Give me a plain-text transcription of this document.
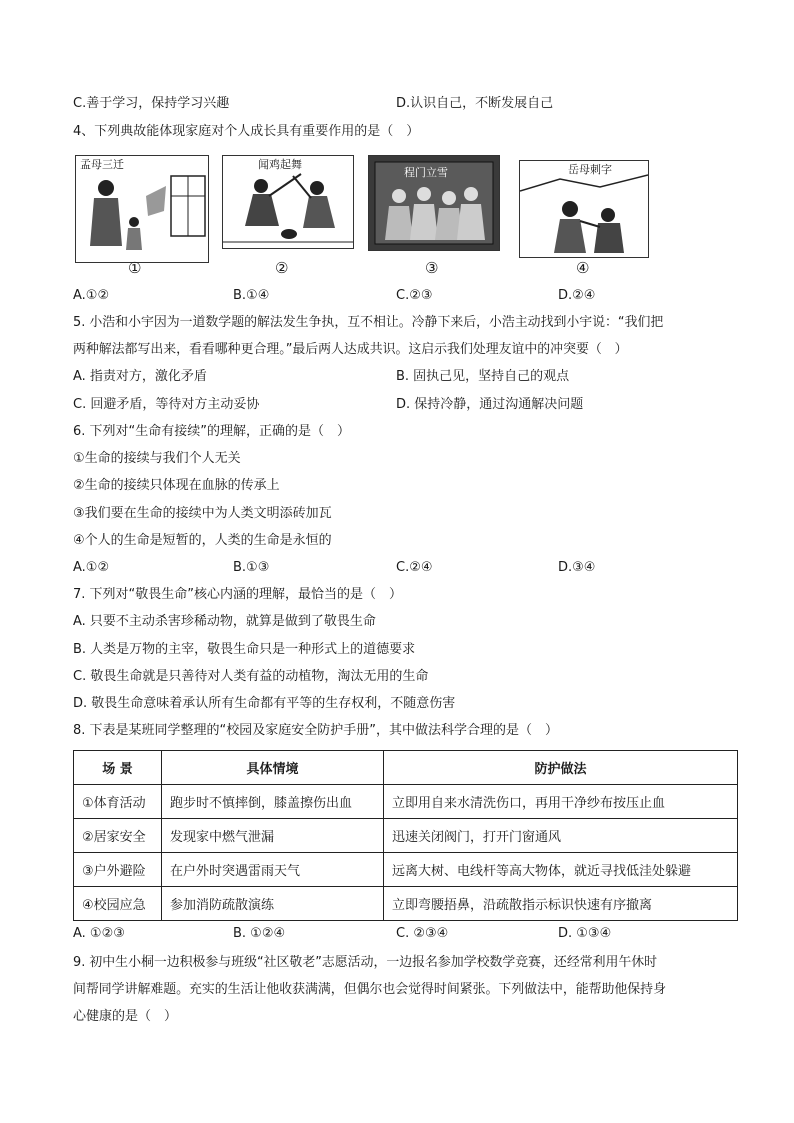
C.善于学习，保持学习兴趣	D.认识自己，不断发展自己
4、下列典故能体现家庭对个人成长具有重要作用的是（　）
孟母三迁
①
闻鸡起舞
②
程门立雪
③
岳母刺字
④
A.①②	B.①④	C.②③	D.②④
5. 小浩和小宇因为一道数学题的解法发生争执，互不相让。冷静下来后，小浩主动找到小宇说：“我们把
两种解法都写出来，看看哪种更合理。”最后两人达成共识。这启示我们处理友谊中的冲突要（　）
A. 指责对方，激化矛盾	B. 固执己见，坚持自己的观点
C. 回避矛盾，等待对方主动妥协	D. 保持冷静，通过沟通解决问题
6. 下列对“生命有接续”的理解，正确的是（　）
①生命的接续与我们个人无关
②生命的接续只体现在血脉的传承上
③我们要在生命的接续中为人类文明添砖加瓦
④个人的生命是短暂的，人类的生命是永恒的
A.①②	B.①③	C.②④	D.③④
7. 下列对“敬畏生命”核心内涵的理解，最恰当的是（　）
A. 只要不主动杀害珍稀动物，就算是做到了敬畏生命
B. 人类是万物的主宰，敬畏生命只是一种形式上的道德要求
C. 敬畏生命就是只善待对人类有益的动植物，淘汰无用的生命
D. 敬畏生命意味着承认所有生命都有平等的生存权利，不随意伤害
8. 下表是某班同学整理的“校园及家庭安全防护手册”，其中做法科学合理的是（　）
场 景	具体情境	防护做法
①体育活动	跑步时不慎摔倒，膝盖擦伤出血	立即用自来水清洗伤口，再用干净纱布按压止血
②居家安全	发现家中燃气泄漏	迅速关闭阀门，打开门窗通风
③户外避险	在户外时突遇雷雨天气	远离大树、电线杆等高大物体，就近寻找低洼处躲避
④校园应急	参加消防疏散演练	立即弯腰捂鼻，沿疏散指示标识快速有序撤离
A. ①②③	B. ①②④	C. ②③④	D. ①③④
9. 初中生小桐一边积极参与班级“社区敬老”志愿活动，一边报名参加学校数学竞赛，还经常利用午休时
间帮同学讲解难题。充实的生活让他收获满满，但偶尔也会觉得时间紧张。下列做法中，能帮助他保持身
心健康的是（　）
